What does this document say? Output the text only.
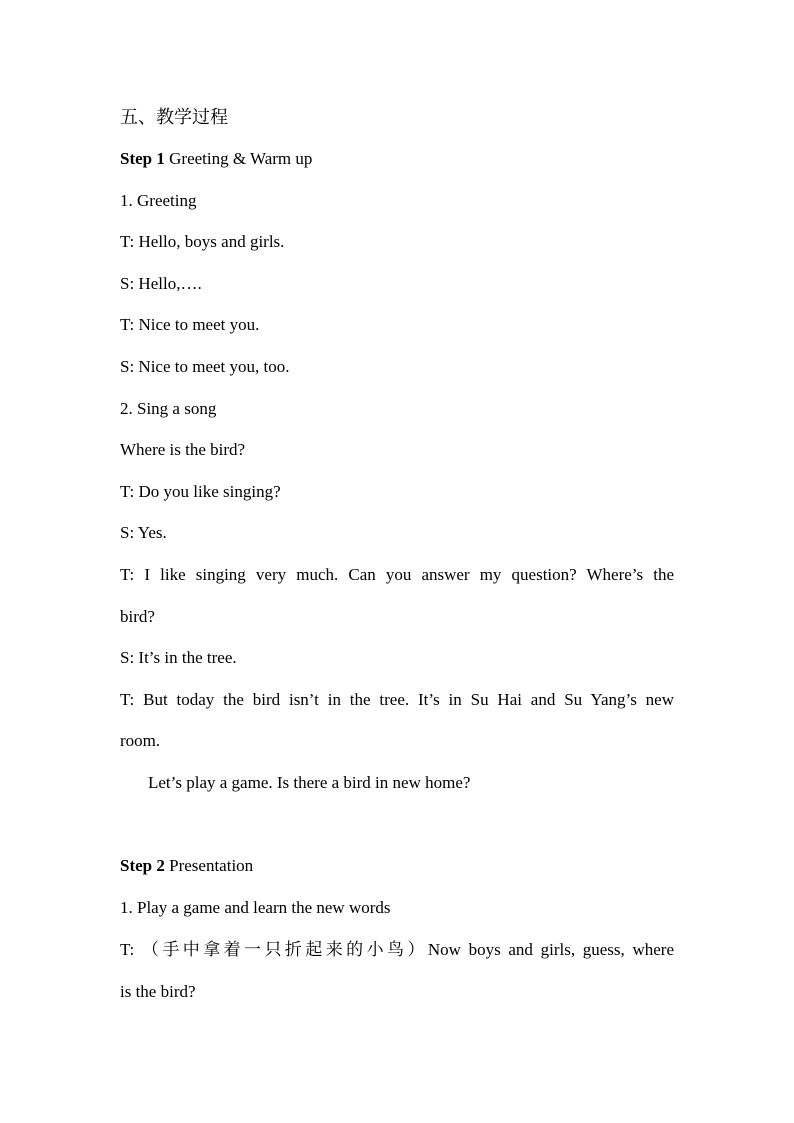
五、教学过程
Step 1 Greeting & Warm up
1. Greeting
T: Hello, boys and girls.
S: Hello,….
T: Nice to meet you.
S: Nice to meet you, too.
2. Sing a song
Where is the bird?
T: Do you like singing?
S: Yes.
T: I like singing very much. Can you answer my question? Where’s the
bird?
S: It’s in the tree.
T: But today the bird isn’t in the tree. It’s in Su Hai and Su Yang’s new
room.
Let’s play a game. Is there a bird in new home?
Step 2 Presentation
1. Play a game and learn the new words
T: （手中拿着一只折起来的小鸟）Now boys and girls, guess, where
is the bird?
